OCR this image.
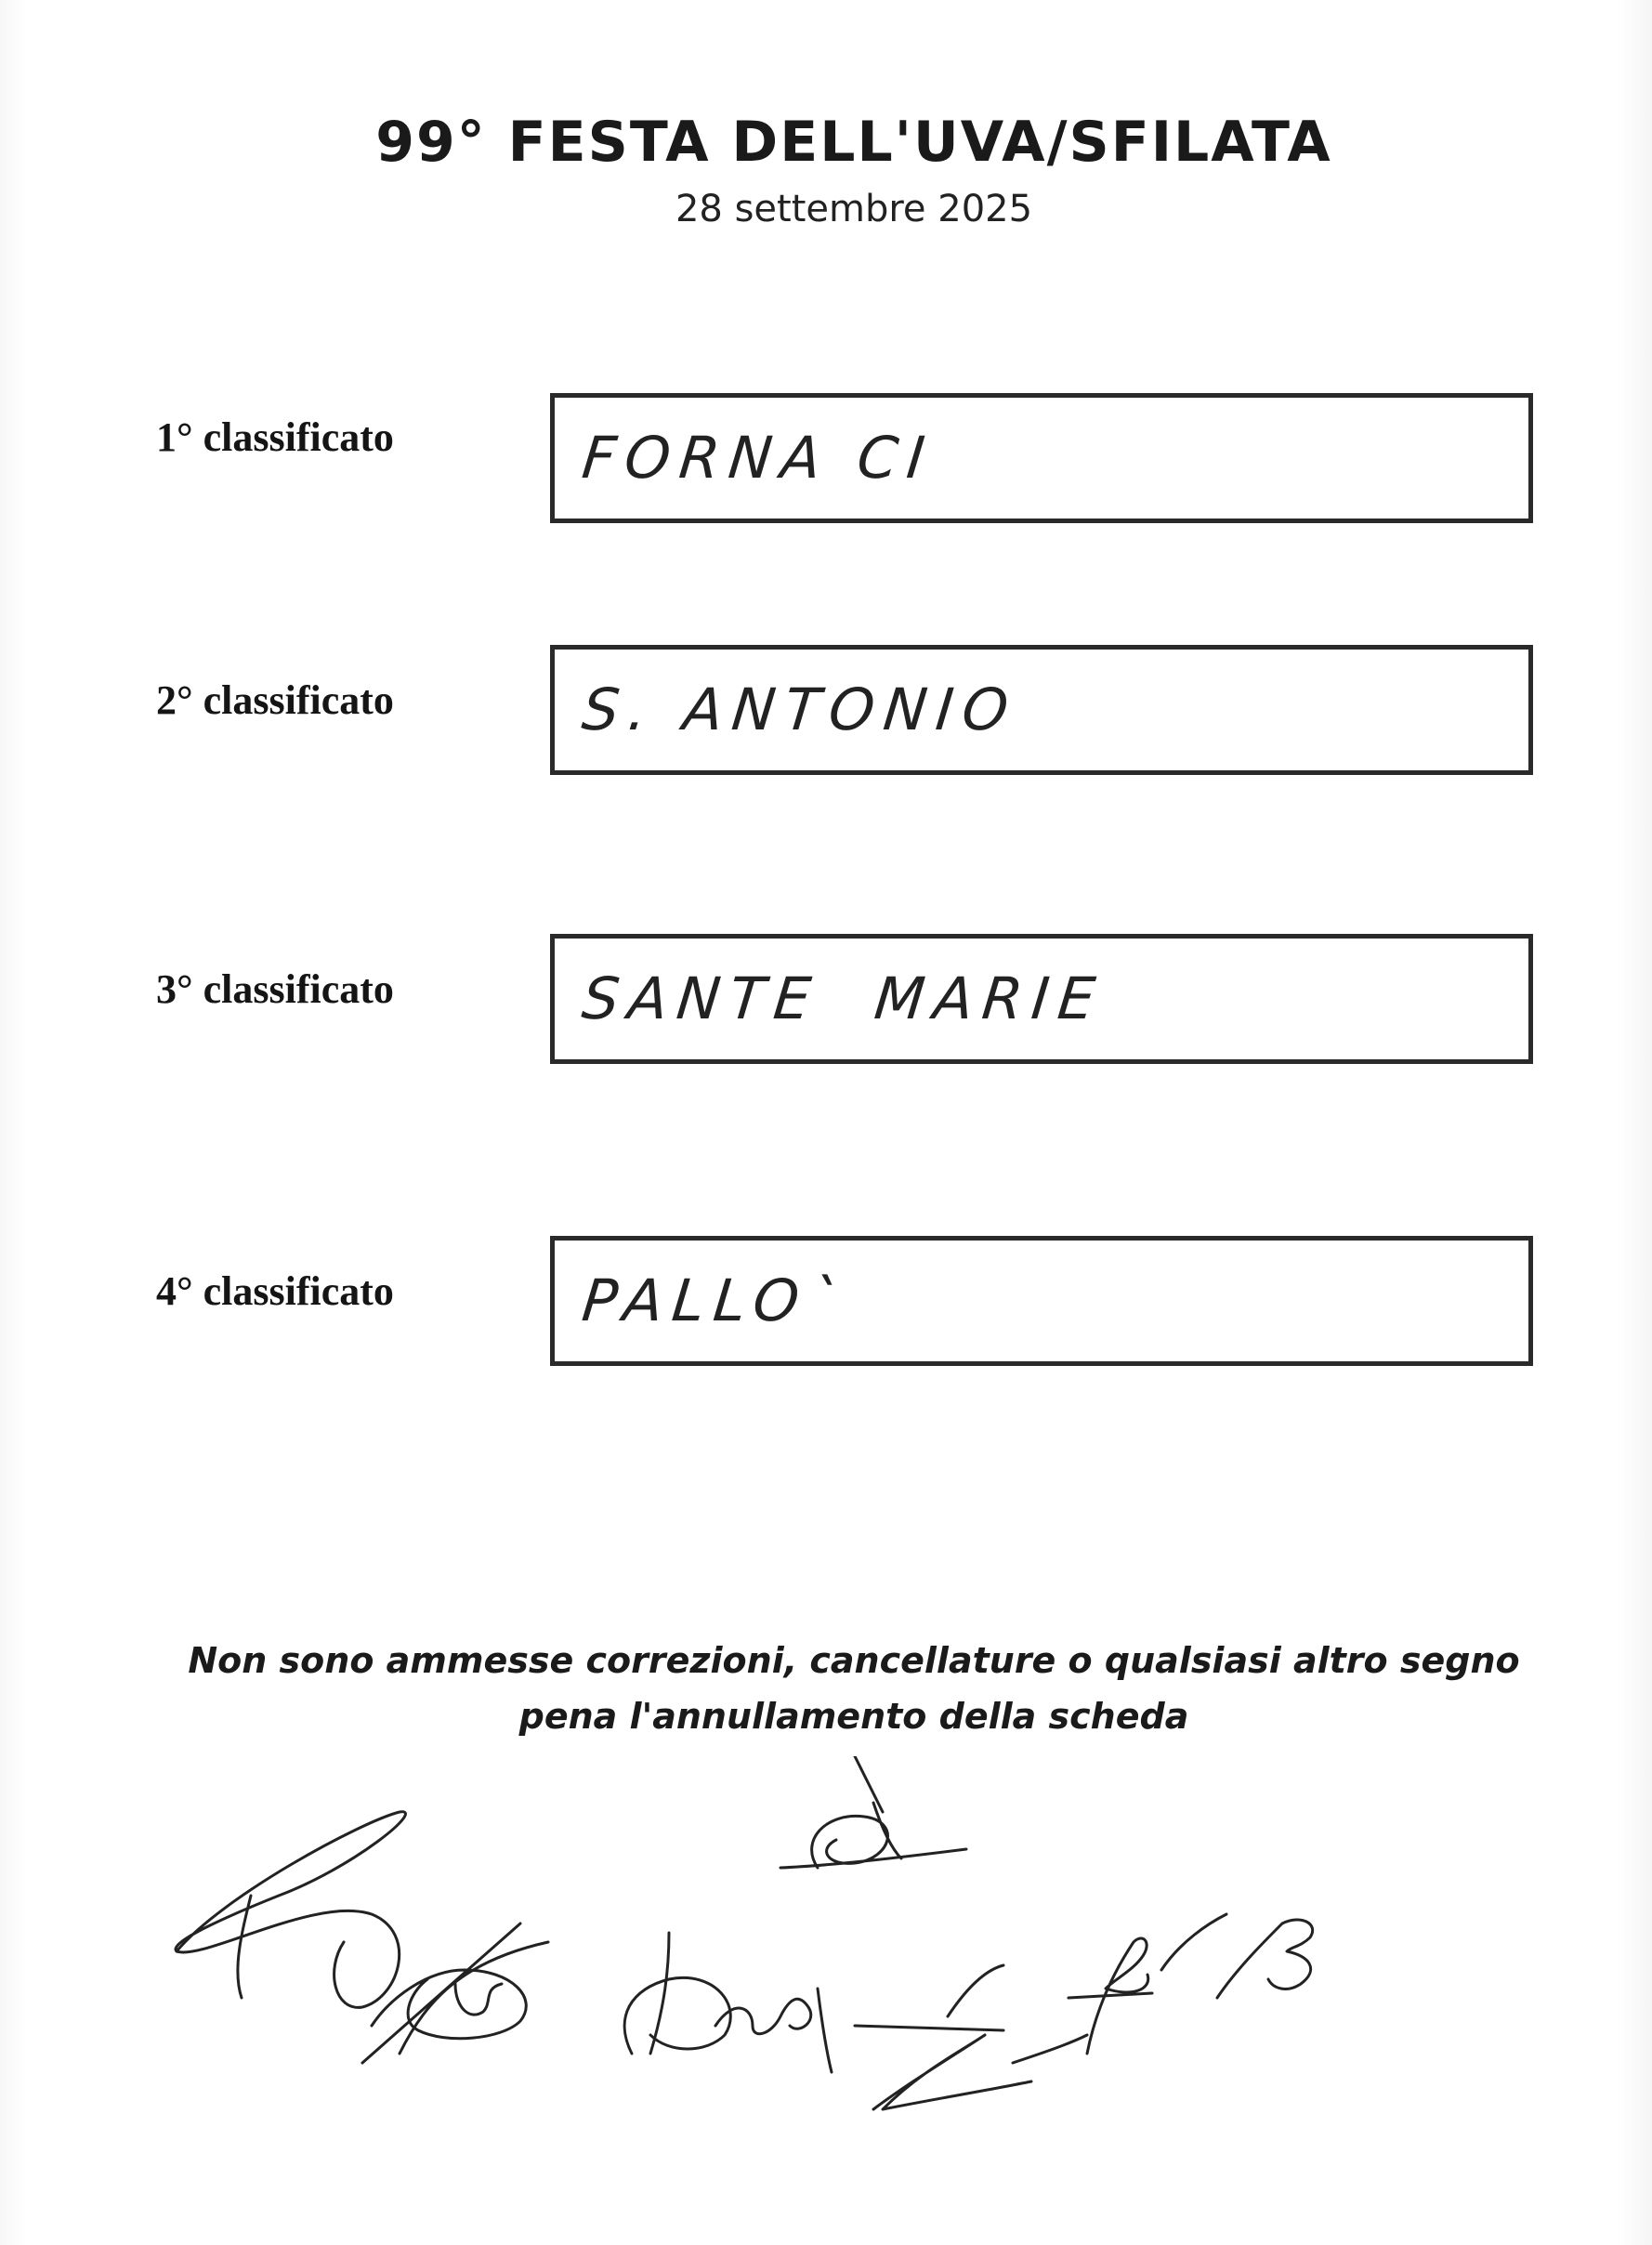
99° FESTA DELL'UVA/SFILATA
28 settembre 2025
1° classificato	FORNA CI
2° classificato	S. ANTONIO
3° classificato	SANTE  MARIE
4° classificato	PALLO`
Non sono ammesse correzioni, cancellature o qualsiasi altro segno
pena l'annullamento della scheda
